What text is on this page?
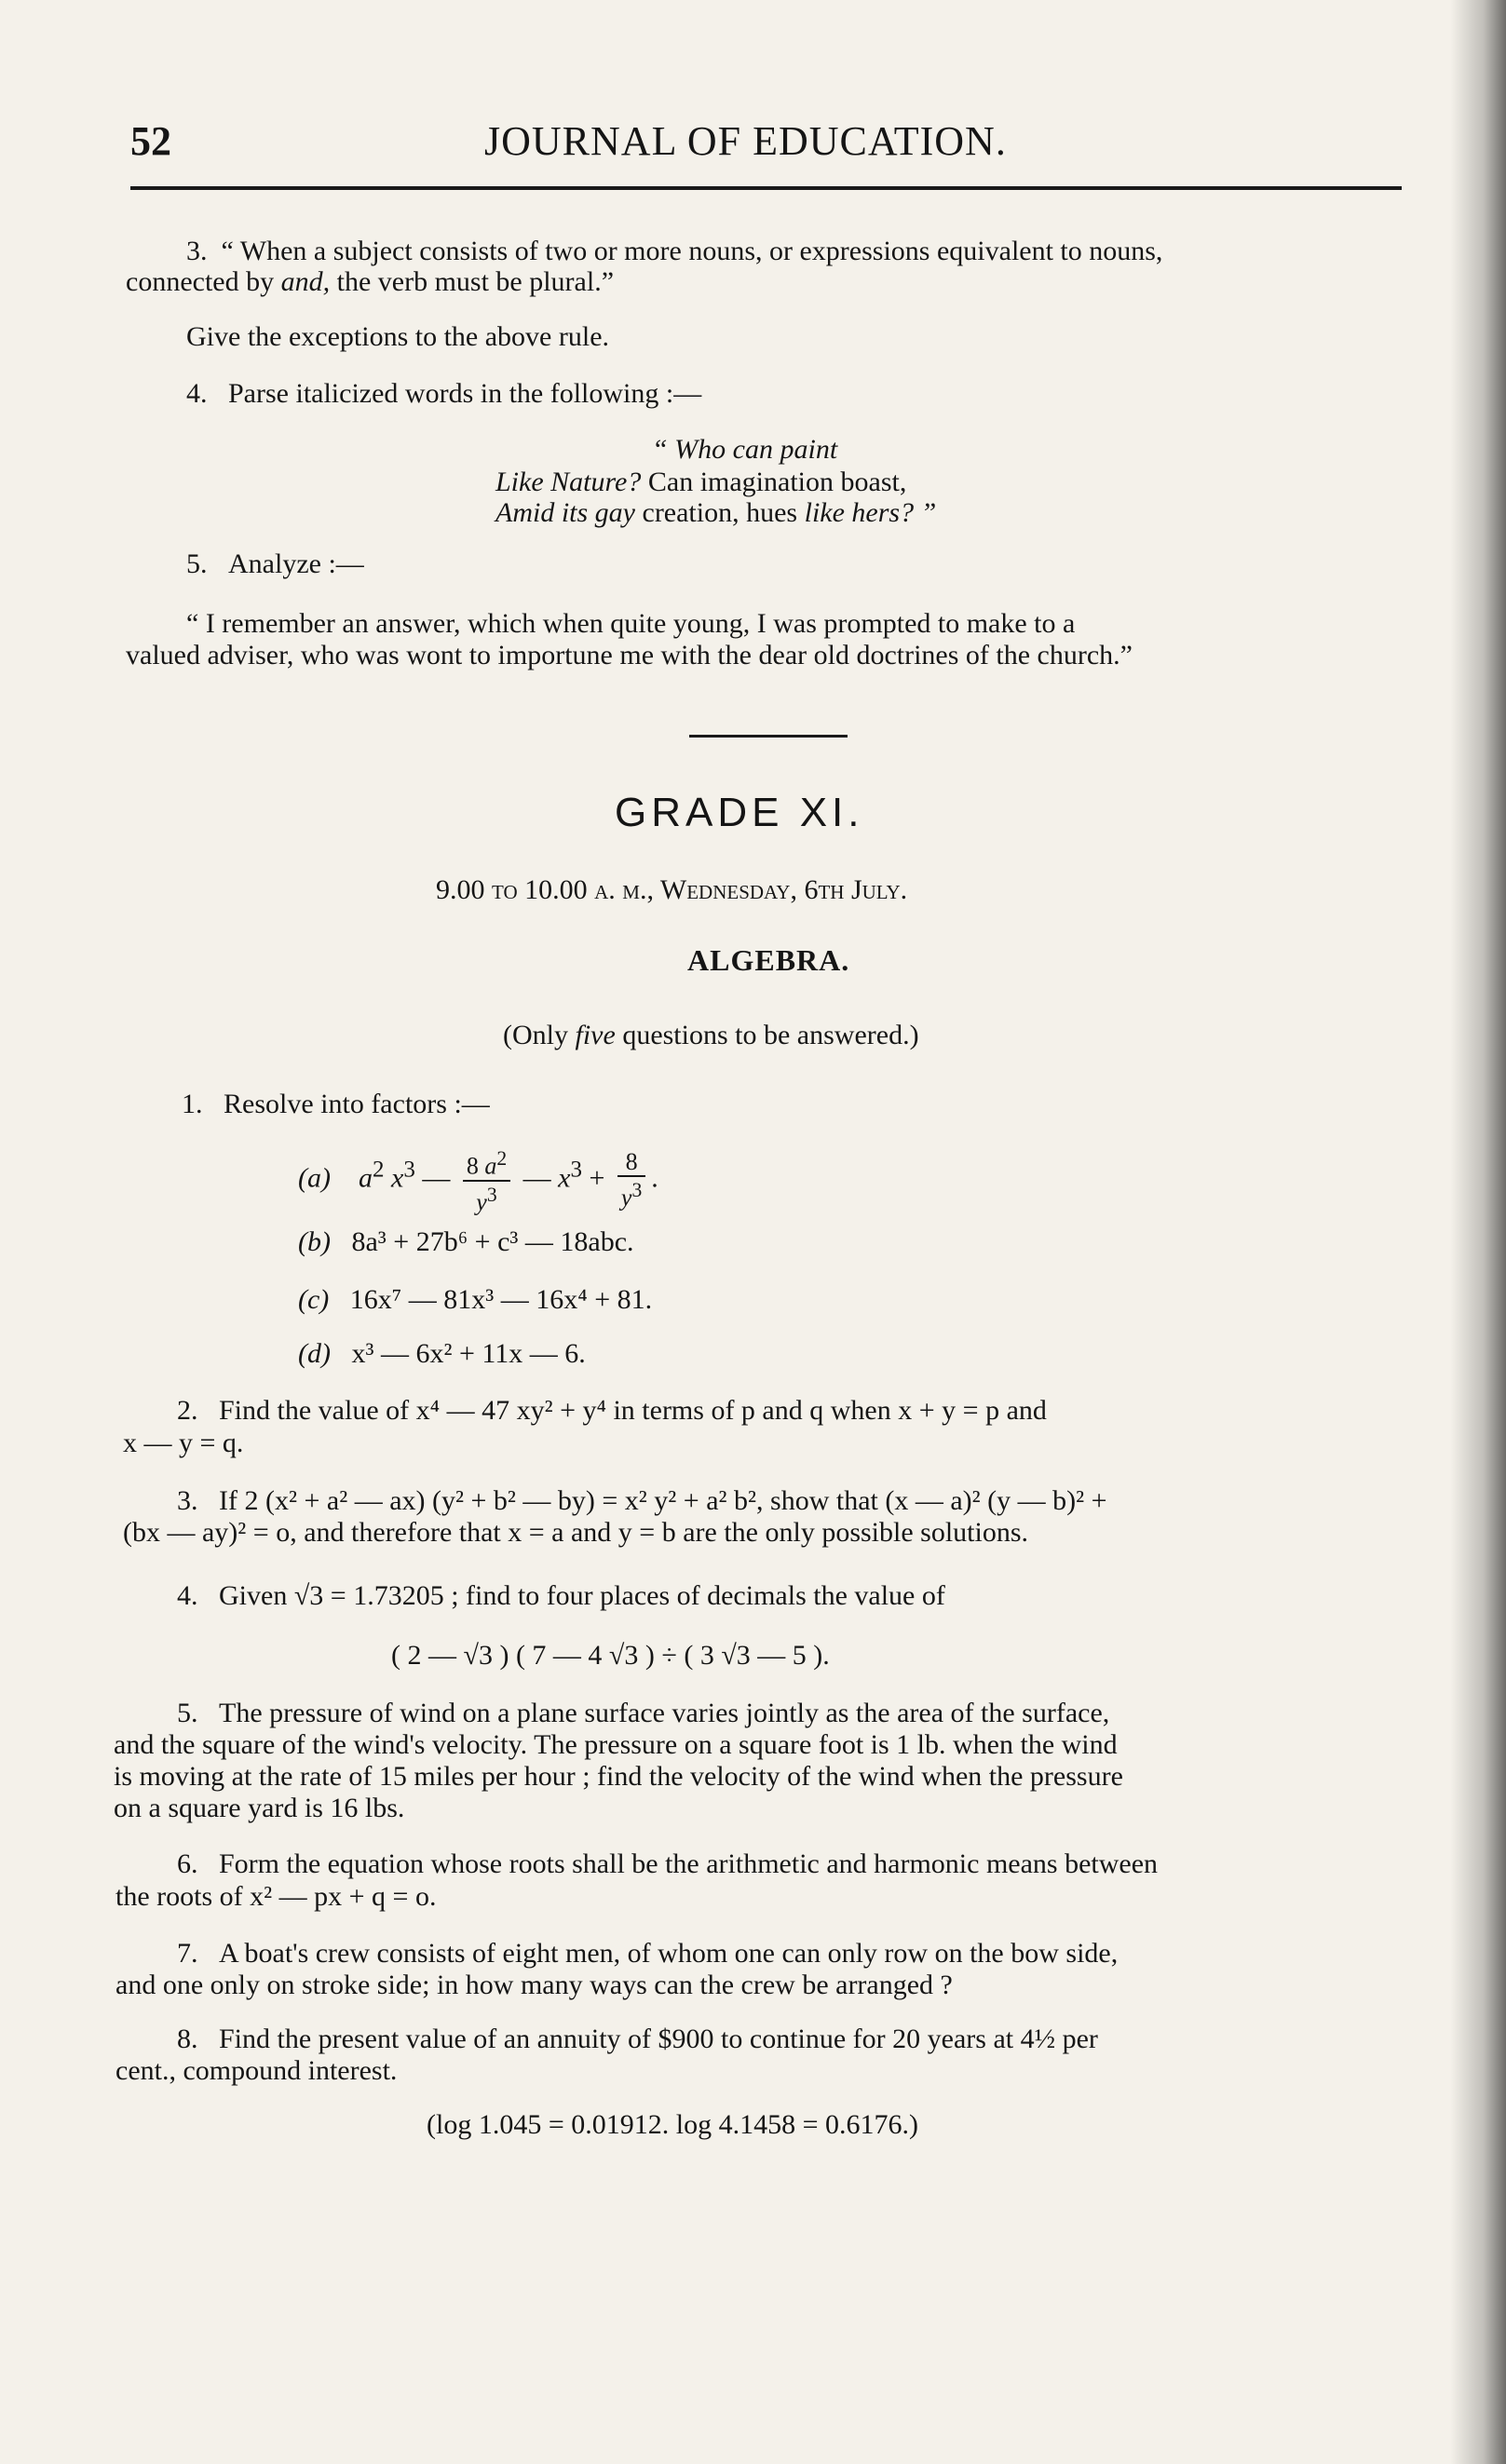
52	JOURNAL OF EDUCATION.
3. “ When a subject consists of two or more nouns, or expressions equivalent to nouns,
connected by and, the verb must be plural.”
Give the exceptions to the above rule.
4. Parse italicized words in the following :—
“ Who can paint
Like Nature? Can imagination boast,
Amid its gay creation, hues like hers? ”
5. Analyze :—
“ I remember an answer, which when quite young, I was prompted to make to a
valued adviser, who was wont to importune me with the dear old doctrines of the church.”
GRADE XI.
9.00 to 10.00 a. m., Wednesday, 6th July.
ALGEBRA.
(Only five questions to be answered.)
1. Resolve into factors :—
(a) $a^2$ $x^3$ — $\frac{8 a^2}{y^3}$ — $x^3 + \frac{8}{y^3}$ .
(b) 8a³ + 27b⁶ + c³ — 18abc.
(c) 16x⁷ — 81x³ — 16x⁴ + 81.
(d) x³ — 6x² + 11x — 6.
2. Find the value of x⁴ — 47 xy² + y⁴ in terms of p and q when x + y = p and
x — y = q.
3. If 2 (x² + a² — ax) (y² + b² — by) = x² y² + a² b², show that (x — a)² (y — b)² +
(bx — ay)² = o, and therefore that x = a and y = b are the only possible solutions.
4. Given √3 = 1.73205 ; find to four places of decimals the value of
( 2 — √3 ) ( 7 — 4 √3 ) ÷ ( 3 √3 — 5 ).
5. The pressure of wind on a plane surface varies jointly as the area of the surface,
and the square of the wind's velocity. The pressure on a square foot is 1 lb. when the wind
is moving at the rate of 15 miles per hour ; find the velocity of the wind when the pressure
on a square yard is 16 lbs.
6. Form the equation whose roots shall be the arithmetic and harmonic means between
the roots of x² — px + q = o.
7. A boat's crew consists of eight men, of whom one can only row on the bow side,
and one only on stroke side; in how many ways can the crew be arranged ?
8. Find the present value of an annuity of $900 to continue for 20 years at 4½ per
cent., compound interest.
(log 1.045 = 0.01912. log 4.1458 = 0.6176.)
